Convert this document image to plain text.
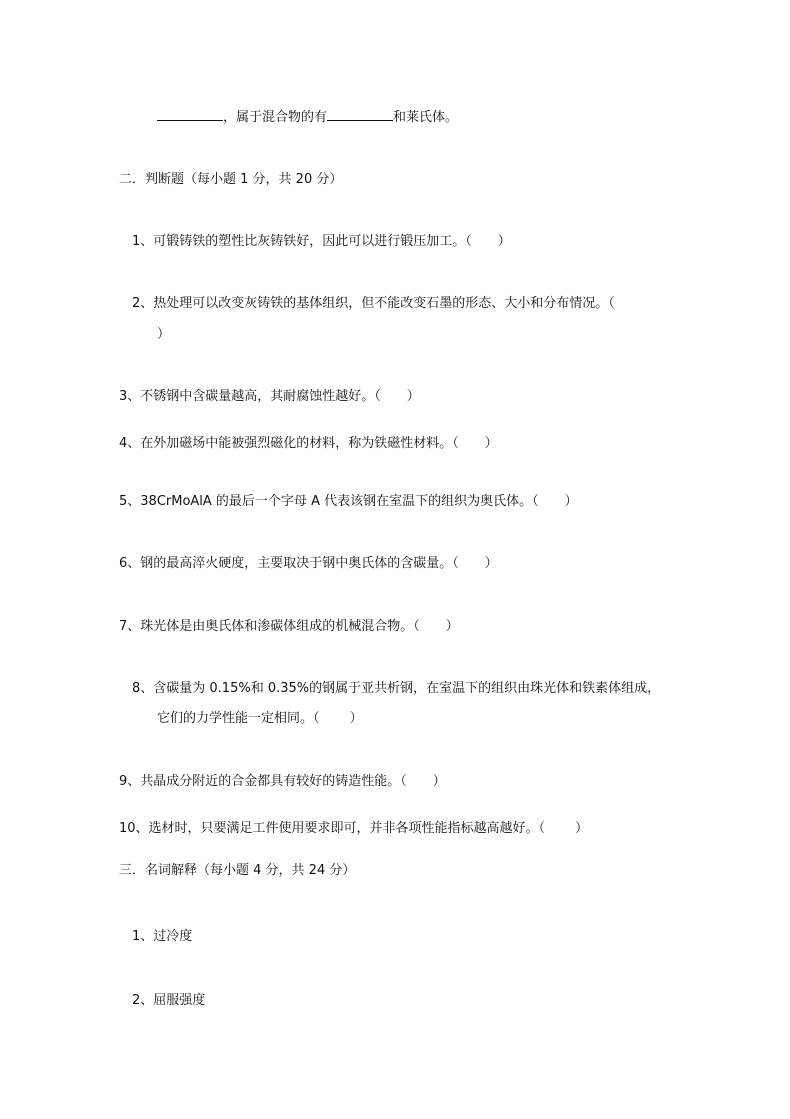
，属于混合物的有	和莱氏体。
二．判断题（每小题 1 分，共 20 分）
1、可锻铸铁的塑性比灰铸铁好，因此可以进行锻压加工。（　　）
2、热处理可以改变灰铸铁的基体组织，但不能改变石墨的形态、大小和分布情况。（
）
3、不锈钢中含碳量越高，其耐腐蚀性越好。（　　）
4、在外加磁场中能被强烈磁化的材料，称为铁磁性材料。（　　）
5、38CrMoAlA 的最后一个字母 A 代表该钢在室温下的组织为奥氏体。（　　）
6、钢的最高淬火硬度，主要取决于钢中奥氏体的含碳量。（　　）
7、珠光体是由奥氏体和渗碳体组成的机械混合物。（　　）
8、含碳量为 0.15%和 0.35%的钢属于亚共析钢，在室温下的组织由珠光体和铁素体组成，
它们的力学性能一定相同。（　　 ）
9、共晶成分附近的合金都具有较好的铸造性能。（　　）
10、选材时，只要满足工件使用要求即可，并非各项性能指标越高越好。（　　 ）
三．名词解释（每小题 4 分，共 24 分）
1、过冷度
2、屈服强度
